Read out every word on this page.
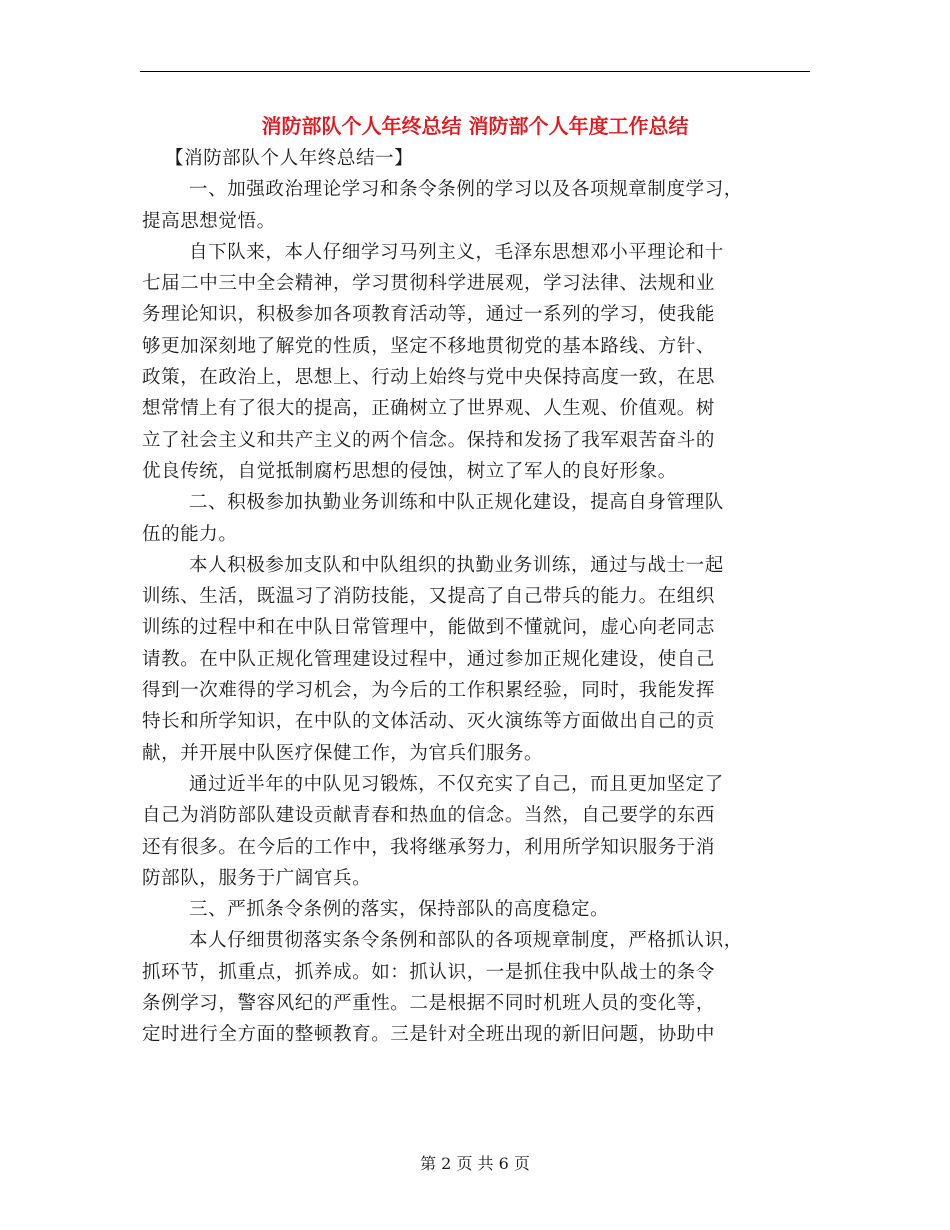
消防部队个人年终总结 消防部个人年度工作总结
【消防部队个人年终总结一】
一、加强政治理论学习和条令条例的学习以及各项规章制度学习，
提高思想觉悟。
自下队来，本人仔细学习马列主义，毛泽东思想邓小平理论和十
七届二中三中全会精神，学习贯彻科学进展观，学习法律、法规和业
务理论知识，积极参加各项教育活动等，通过一系列的学习，使我能
够更加深刻地了解党的性质，坚定不移地贯彻党的基本路线、方针、
政策，在政治上，思想上、行动上始终与党中央保持高度一致，在思
想常情上有了很大的提高，正确树立了世界观、人生观、价值观。树
立了社会主义和共产主义的两个信念。保持和发扬了我军艰苦奋斗的
优良传统，自觉抵制腐朽思想的侵蚀，树立了军人的良好形象。
二、积极参加执勤业务训练和中队正规化建设，提高自身管理队
伍的能力。
本人积极参加支队和中队组织的执勤业务训练，通过与战士一起
训练、生活，既温习了消防技能，又提高了自己带兵的能力。在组织
训练的过程中和在中队日常管理中，能做到不懂就问，虚心向老同志
请教。在中队正规化管理建设过程中，通过参加正规化建设，使自己
得到一次难得的学习机会，为今后的工作积累经验，同时，我能发挥
特长和所学知识，在中队的文体活动、灭火演练等方面做出自己的贡
献，并开展中队医疗保健工作，为官兵们服务。
通过近半年的中队见习锻炼，不仅充实了自己，而且更加坚定了
自己为消防部队建设贡献青春和热血的信念。当然，自己要学的东西
还有很多。在今后的工作中，我将继承努力，利用所学知识服务于消
防部队，服务于广阔官兵。
三、严抓条令条例的落实，保持部队的高度稳定。
本人仔细贯彻落实条令条例和部队的各项规章制度，严格抓认识，
抓环节，抓重点，抓养成。如：抓认识，一是抓住我中队战士的条令
条例学习，警容风纪的严重性。二是根据不同时机班人员的变化等，
定时进行全方面的整顿教育。三是针对全班出现的新旧问题，协助中
第 2 页 共 6 页
